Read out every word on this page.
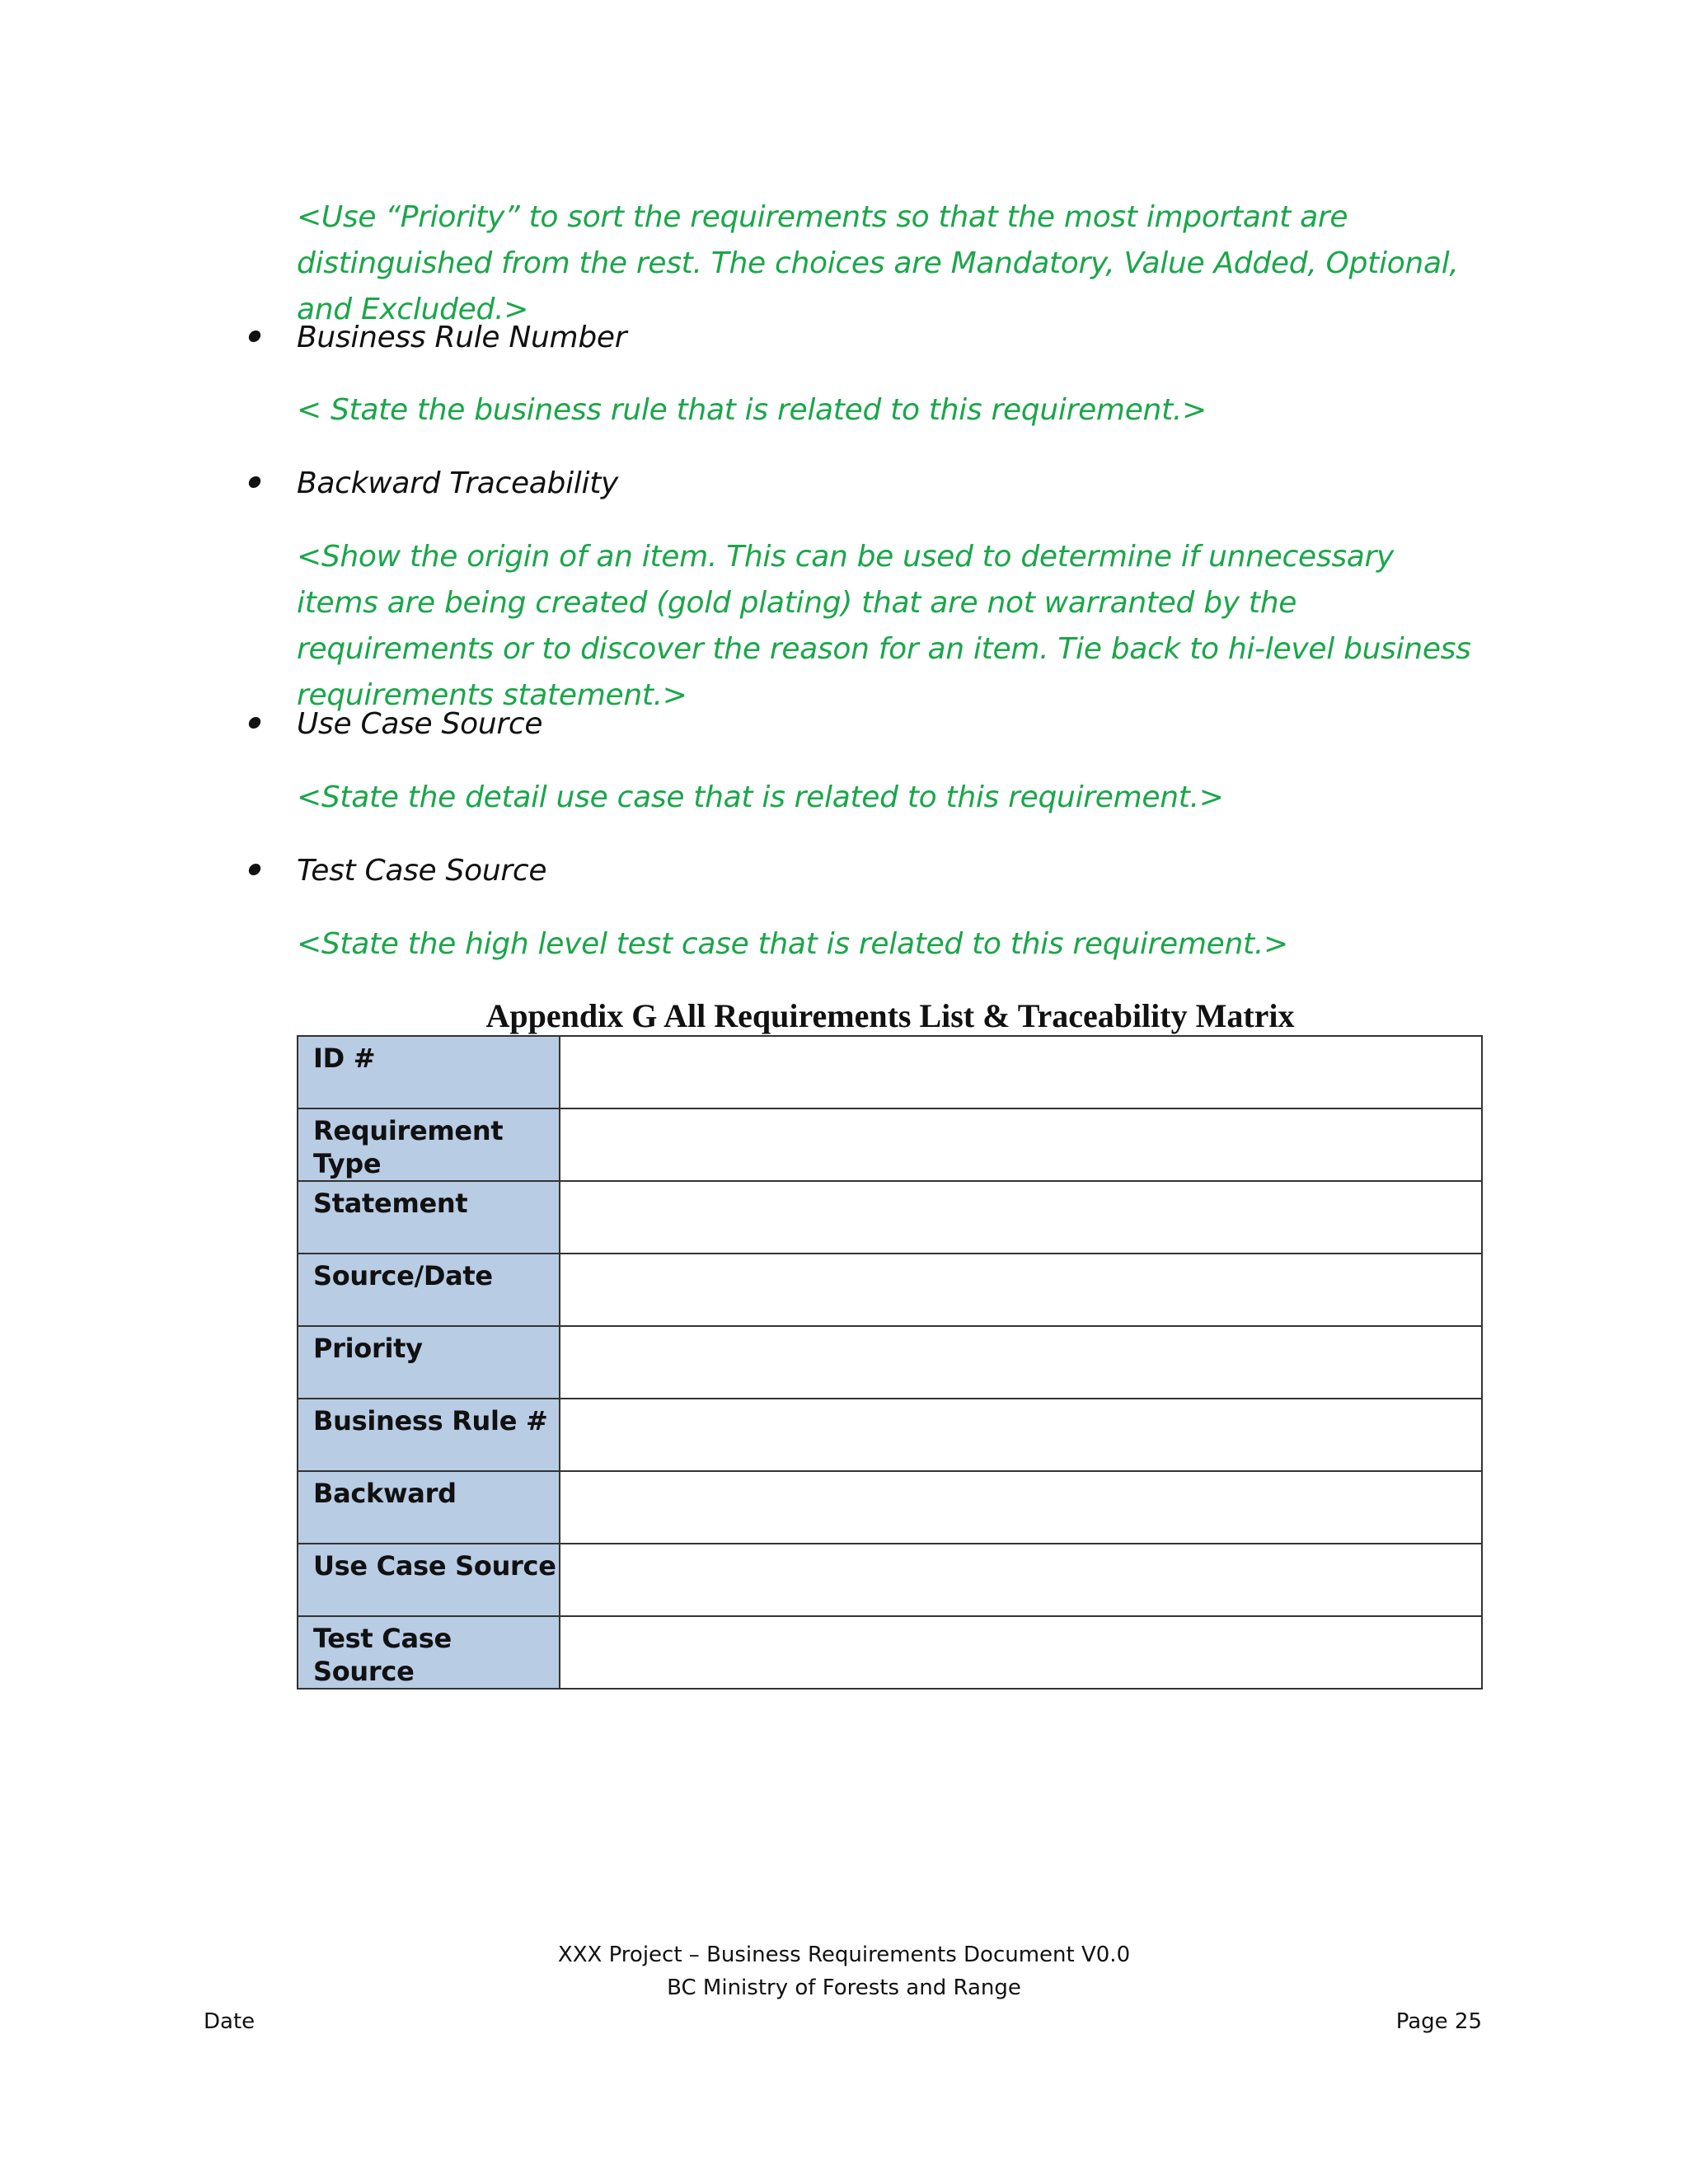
<Use “Priority” to sort the requirements so that the most important are distinguished from the rest. The choices are Mandatory, Value Added, Optional, and Excluded.>

Business Rule Number

< State the business rule that is related to this requirement.>

Backward Traceability

<Show the origin of an item. This can be used to determine if unnecessary items are being created (gold plating) that are not warranted by the requirements or to discover the reason for an item. Tie back to hi-level business requirements statement.>

Use Case Source

<State the detail use case that is related to this requirement.>

Test Case Source

<State the high level test case that is related to this requirement.>

Appendix G All Requirements List & Traceability Matrix
ID #	
Requirement Type	
Statement	
Source/Date	
Priority	
Business Rule #	
Backward	
Use Case Source	
Test Case Source	

XXX Project – Business Requirements Document V0.0

BC Ministry of Forests and Range

Date	Page 25
